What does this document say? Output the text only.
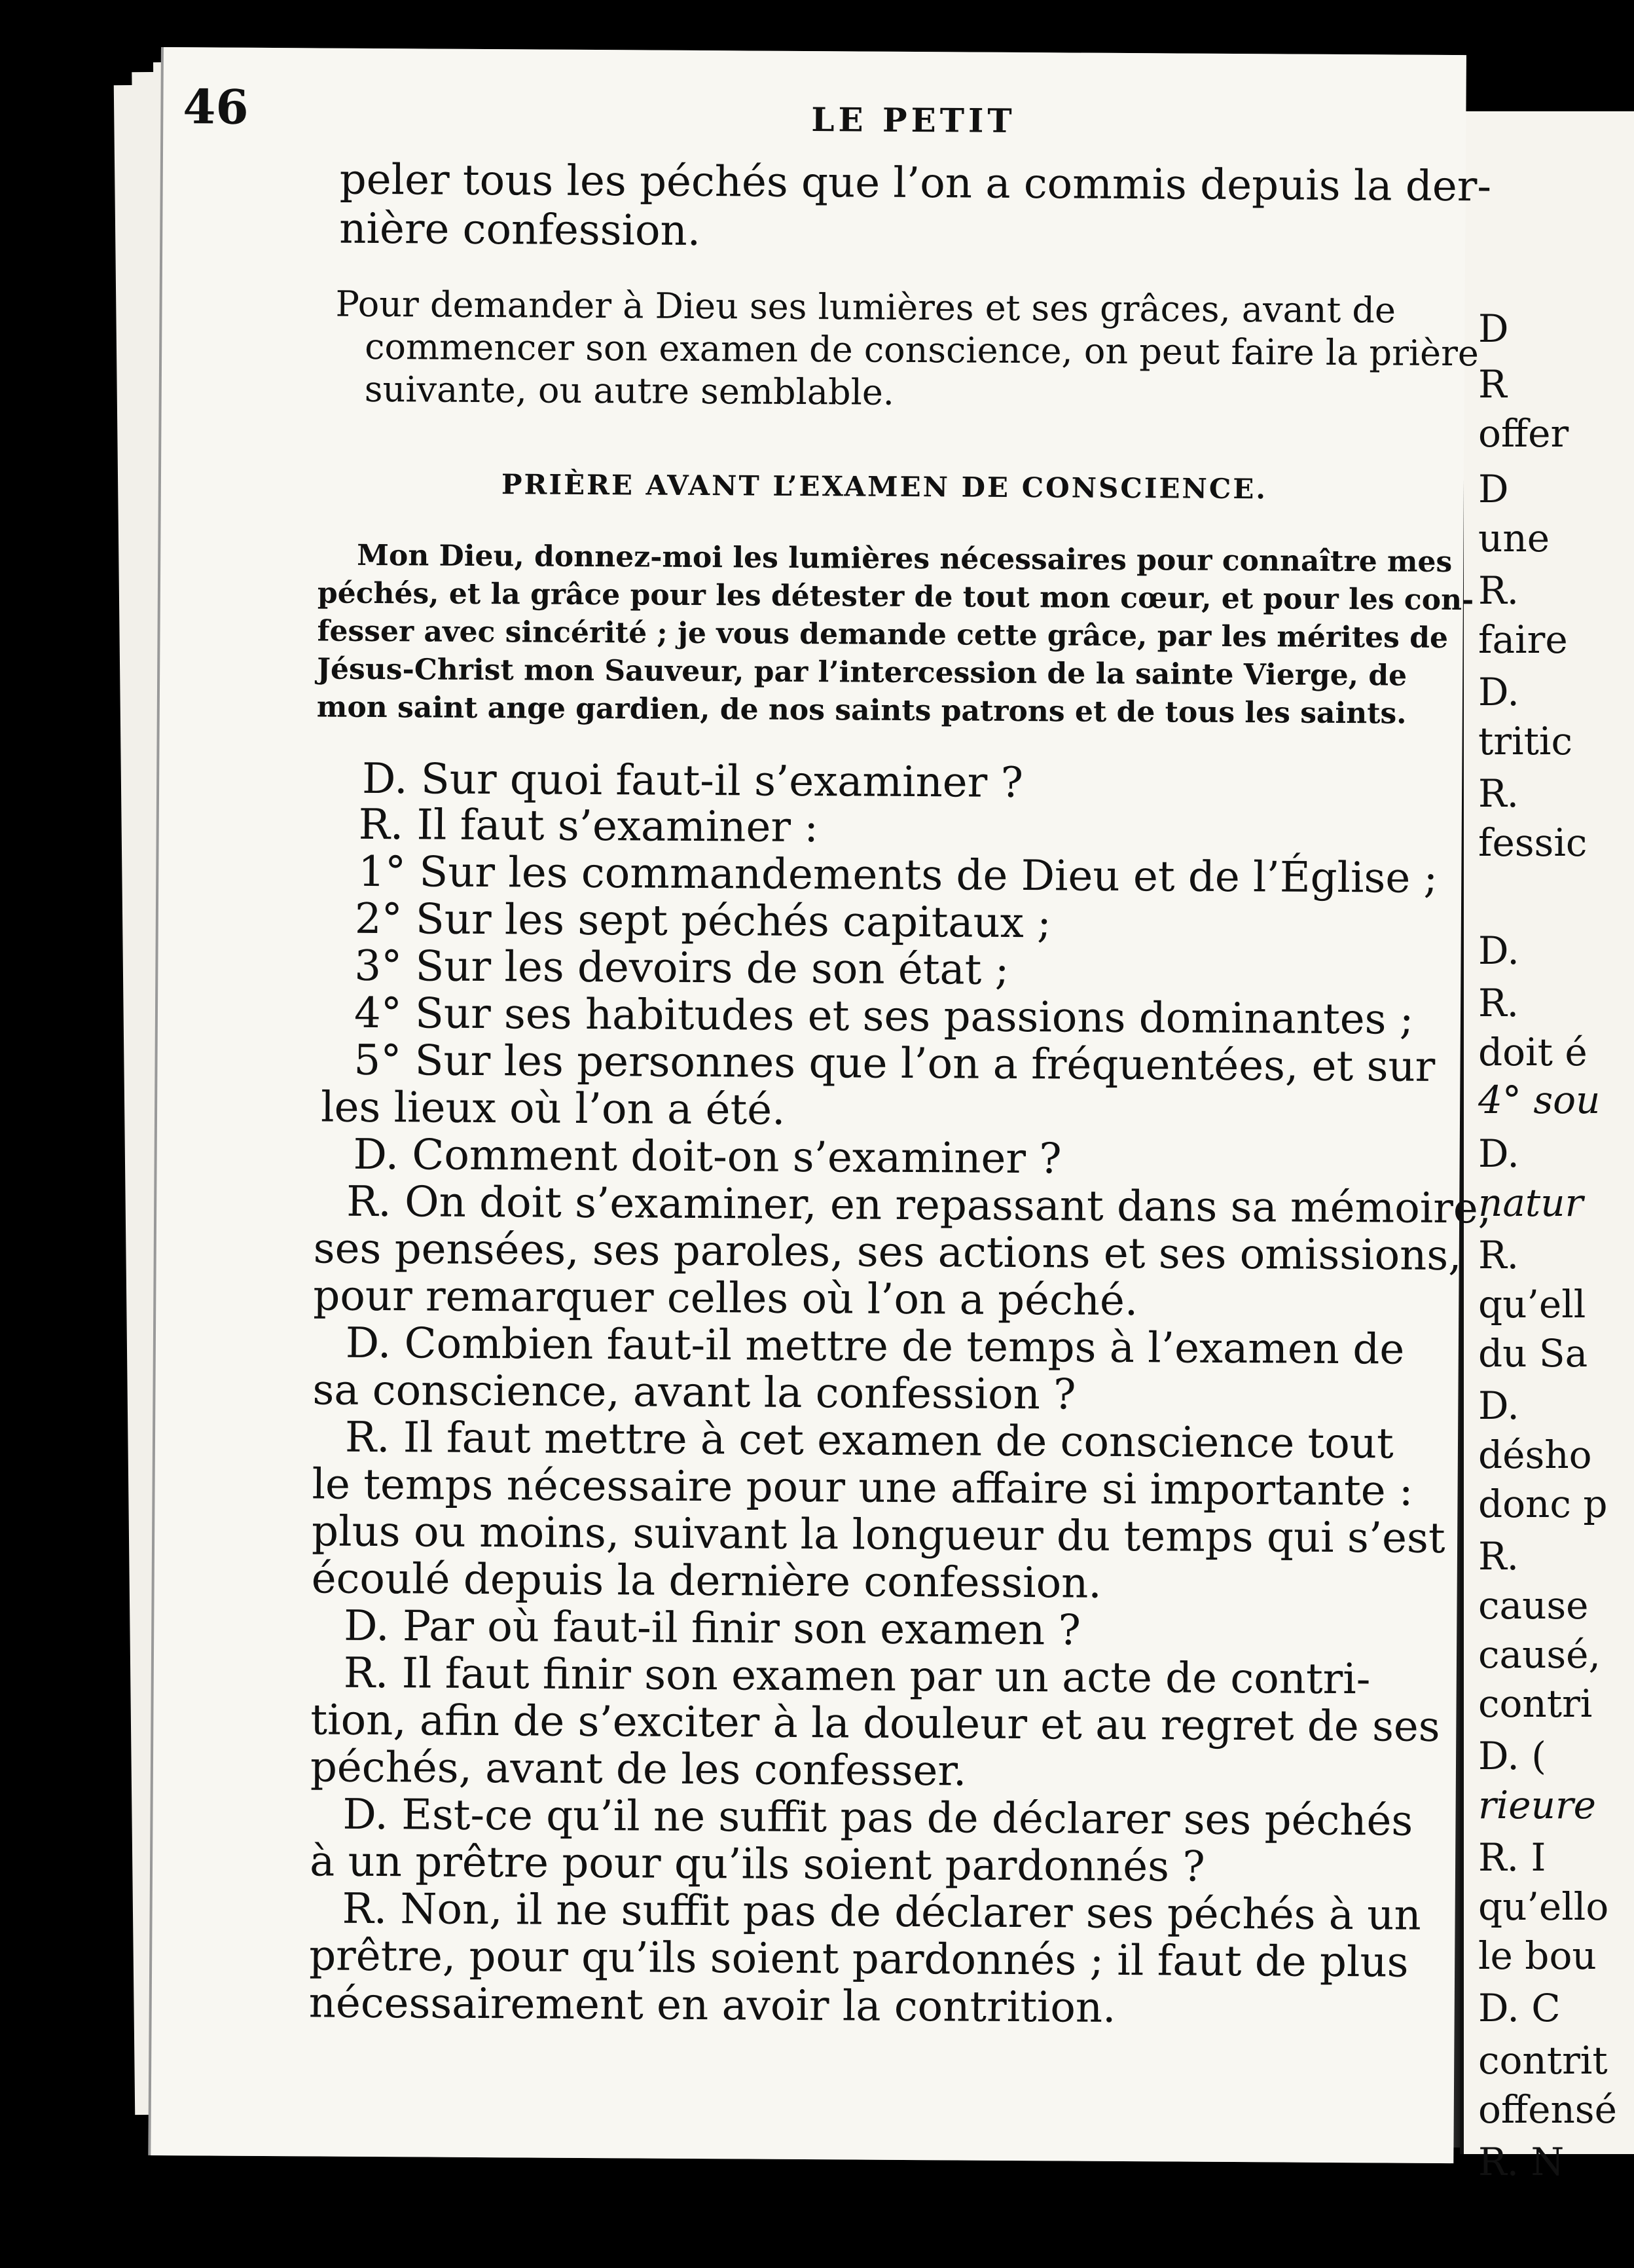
D
R
offer
D
une
R.
faire
D.
tritic
R.
fessic
D.
R.
doit é
4° sou
D.
natur
R.
qu’ell
du Sa
D.
désho
donc p
R.
cause
causé,
contri
D. (
rieure
R. I
qu’ello
le bou
D. C
contrit
offensé
R. N
46	LE PETIT
peler tous les péchés que l’on a commis depuis la der-
nière confession.
Pour demander à Dieu ses lumières et ses grâces, avant de
commencer son examen de conscience, on peut faire la prière
suivante, ou autre semblable.
PRIÈRE AVANT L’EXAMEN DE CONSCIENCE.
Mon Dieu, donnez-moi les lumières nécessaires pour connaître mes
péchés, et la grâce pour les détester de tout mon cœur, et pour les con-
fesser avec sincérité ; je vous demande cette grâce, par les mérites de
Jésus-Christ mon Sauveur, par l’intercession de la sainte Vierge, de
mon saint ange gardien, de nos saints patrons et de tous les saints.
D. Sur quoi faut-il s’examiner ?
R. Il faut s’examiner :
1° Sur les commandements de Dieu et de l’Église ;
2° Sur les sept péchés capitaux ;
3° Sur les devoirs de son état ;
4° Sur ses habitudes et ses passions dominantes ;
5° Sur les personnes que l’on a fréquentées, et sur
les lieux où l’on a été.
D. Comment doit-on s’examiner ?
R. On doit s’examiner, en repassant dans sa mémoire,
ses pensées, ses paroles, ses actions et ses omissions,
pour remarquer celles où l’on a péché.
D. Combien faut-il mettre de temps à l’examen de
sa conscience, avant la confession ?
R. Il faut mettre à cet examen de conscience tout
le temps nécessaire pour une affaire si importante :
plus ou moins, suivant la longueur du temps qui s’est
écoulé depuis la dernière confession.
D. Par où faut-il finir son examen ?
R. Il faut finir son examen par un acte de contri-
tion, afin de s’exciter à la douleur et au regret de ses
péchés, avant de les confesser.
D. Est-ce qu’il ne suffit pas de déclarer ses péchés
à un prêtre pour qu’ils soient pardonnés ?
R. Non, il ne suffit pas de déclarer ses péchés à un
prêtre, pour qu’ils soient pardonnés ; il faut de plus
nécessairement en avoir la contrition.
